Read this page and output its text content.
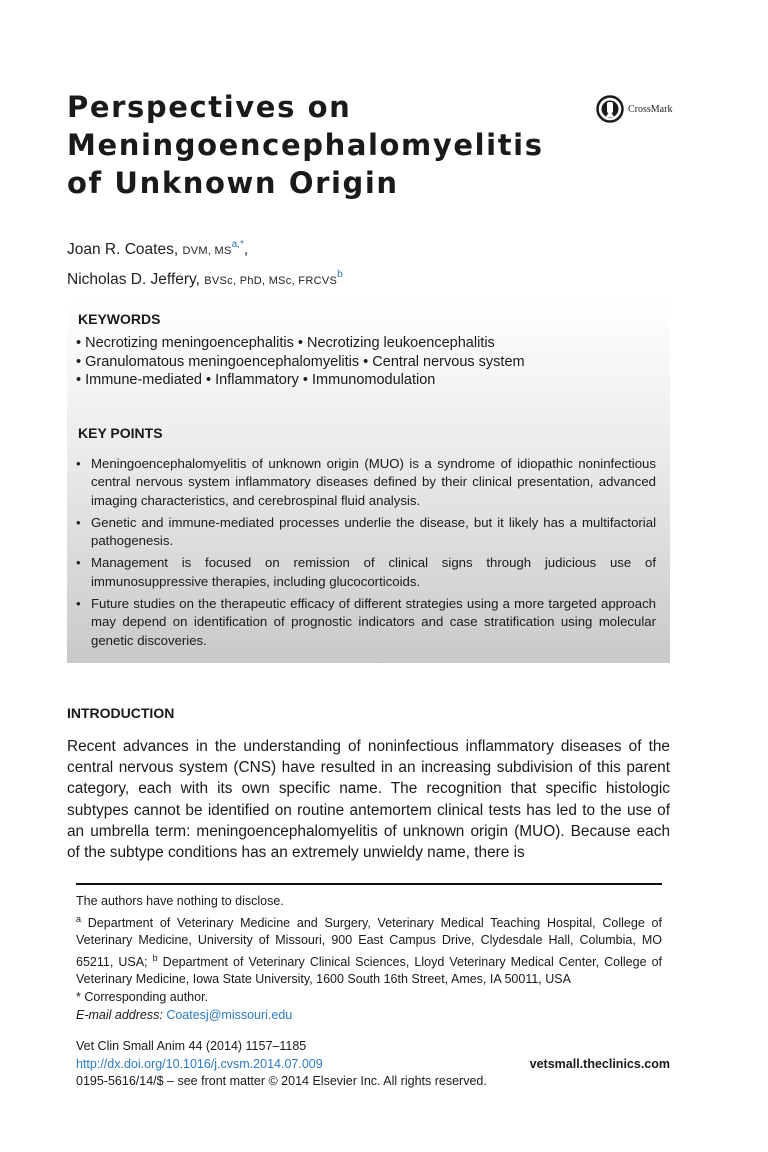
Perspectives on
Meningoencephalomyelitis
of Unknown Origin
CrossMark
Joan R. Coates, DVM, $MS^{a,*}$,
Nicholas D. Jeffery, BVSc, PhD, MSc, FRCVS$^b$
KEYWORDS
• Necrotizing meningoencephalitis • Necrotizing leukoencephalitis
• Granulomatous meningoencephalomyelitis • Central nervous system
• Immune-mediated • Inflammatory • Immunomodulation
KEY POINTS
• Meningoencephalomyelitis of unknown origin (MUO) is a syndrome of idiopathic noninfectious central nervous system inflammatory diseases defined by their clinical presentation, advanced imaging characteristics, and cerebrospinal fluid analysis.
• Genetic and immune-mediated processes underlie the disease, but it likely has a multifactorial pathogenesis.
• Management is focused on remission of clinical signs through judicious use of immunosuppressive therapies, including glucocorticoids.
• Future studies on the therapeutic efficacy of different strategies using a more targeted approach may depend on identification of prognostic indicators and case stratification using molecular genetic discoveries.
INTRODUCTION
Recent advances in the understanding of noninfectious inflammatory diseases of the central nervous system (CNS) have resulted in an increasing subdivision of this parent category, each with its own specific name. The recognition that specific histologic subtypes cannot be identified on routine antemortem clinical tests has led to the use of an umbrella term: meningoencephalomyelitis of unknown origin (MUO). Because each of the subtype conditions has an extremely unwieldy name, there is

The authors have nothing to disclose.

$^a$ Department of Veterinary Medicine and Surgery, Veterinary Medical Teaching Hospital, College of Veterinary Medicine, University of Missouri, 900 East Campus Drive, Clydesdale Hall, Columbia, MO 65211, USA; $^b$ Department of Veterinary Clinical Sciences, Lloyd Veterinary Medical Center, College of Veterinary Medicine, Iowa State University, 1600 South 16th Street, Ames, IA 50011, USA

* Corresponding author.

E-mail address: Coatesj@missouri.edu

Vet Clin Small Anim 44 (2014) 1157–1185
http://dx.doi.org/10.1016/j.cvsm.2014.07.009	vetsmall.theclinics.com
0195-5616/14/$ – see front matter © 2014 Elsevier Inc. All rights reserved.
